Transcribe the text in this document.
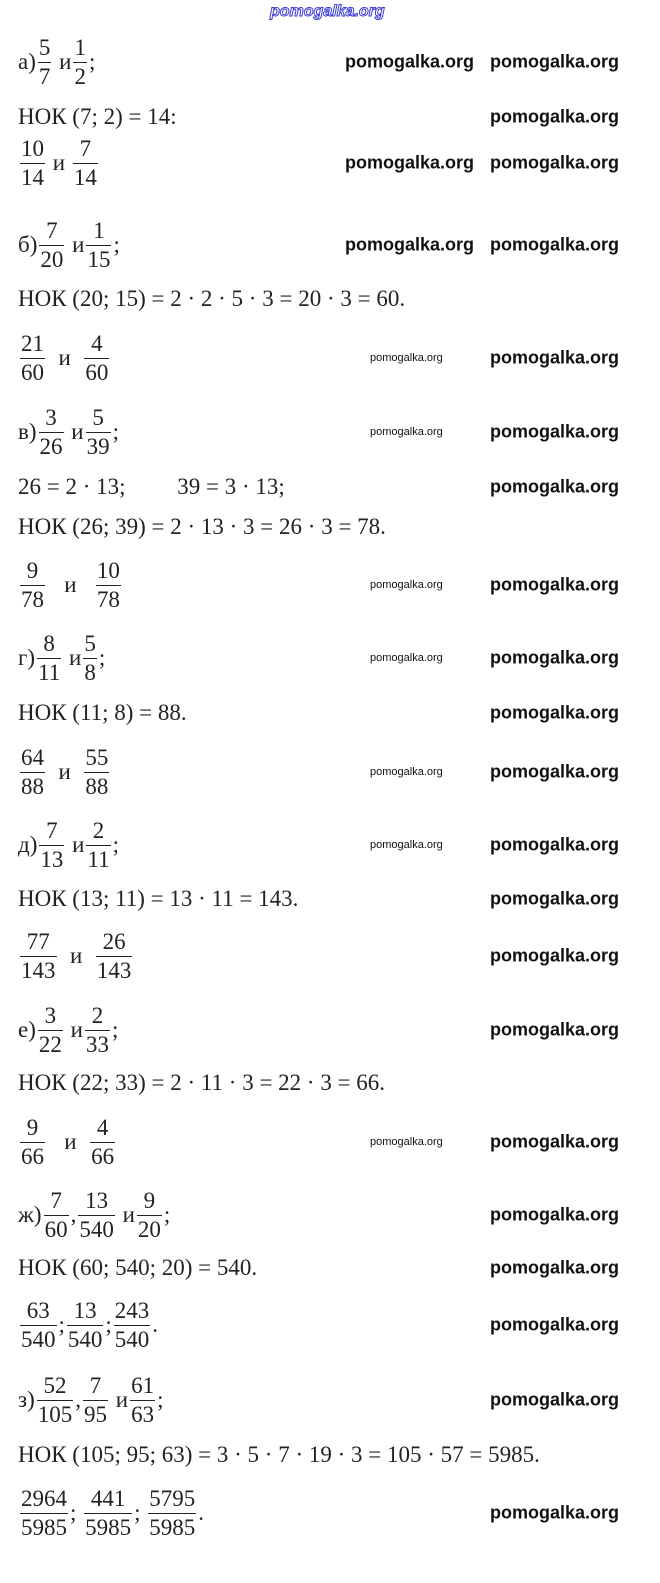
pomogalka.org
$а) \frac{5}{7}$ и $\frac{1}{2}$ ;
НОК (7; 2) = 14:
$\frac{10}{14}$ и $\frac{7}{14}$
$б) \frac{7}{20}$ и $\frac{1}{15}$ ;
НОК (20; 15) = 2 · 2 · 5 · 3 = 20 · 3 = 60.
$\frac{21}{60}$ и $\frac{4}{60}$
$в) \frac{3}{26}$ и $\frac{5}{39}$ ;
26 = 2 · 13;         39 = 3 · 13;
НОК (26; 39) = 2 · 13 · 3 = 26 · 3 = 78.
$\frac{9}{78}$ и $\frac{10}{78}$
$г) \frac{8}{11}$ и $\frac{5}{8}$ ;
НОК (11; 8) = 88.
$\frac{64}{88}$ и $\frac{55}{88}$
$д) \frac{7}{13}$ и $\frac{2}{11}$ ;
НОК (13; 11) = 13 · 11 = 143.
$\frac{77}{143}$ и $\frac{26}{143}$
$е) \frac{3}{22}$ и $\frac{2}{33}$ ;
НОК (22; 33) = 2 · 11 · 3 = 22 · 3 = 66.
$\frac{9}{66}$ и $\frac{4}{66}$
$ж) \frac{7}{60}$ , $\frac{13}{540}$ и $\frac{9}{20}$ ;
НОК (60; 540; 20) = 540.
$\frac{63}{540}$ ; $\frac{13}{540}$ ; $\frac{243}{540}$ .
$з) \frac{52}{105}$ , $\frac{7}{95}$ и $\frac{61}{63}$ ;
НОК (105; 95; 63) = 3 · 5 · 7 · 19 · 3 = 105 · 57 = 5985.
$\frac{2964}{5985}$ ; $\frac{441}{5985}$ ; $\frac{5795}{5985}$ .
pomogalka.org
pomogalka.org
pomogalka.org
pomogalka.org
pomogalka.org
pomogalka.org
pomogalka.org
pomogalka.org
pomogalka.org
pomogalka.org
pomogalka.org
pomogalka.org
pomogalka.org
pomogalka.org
pomogalka.org
pomogalka.org
pomogalka.org
pomogalka.org
pomogalka.org
pomogalka.org
pomogalka.org
pomogalka.org
pomogalka.org
pomogalka.org
pomogalka.org
pomogalka.org
pomogalka.org
pomogalka.org
pomogalka.org
pomogalka.org
pomogalka.org
